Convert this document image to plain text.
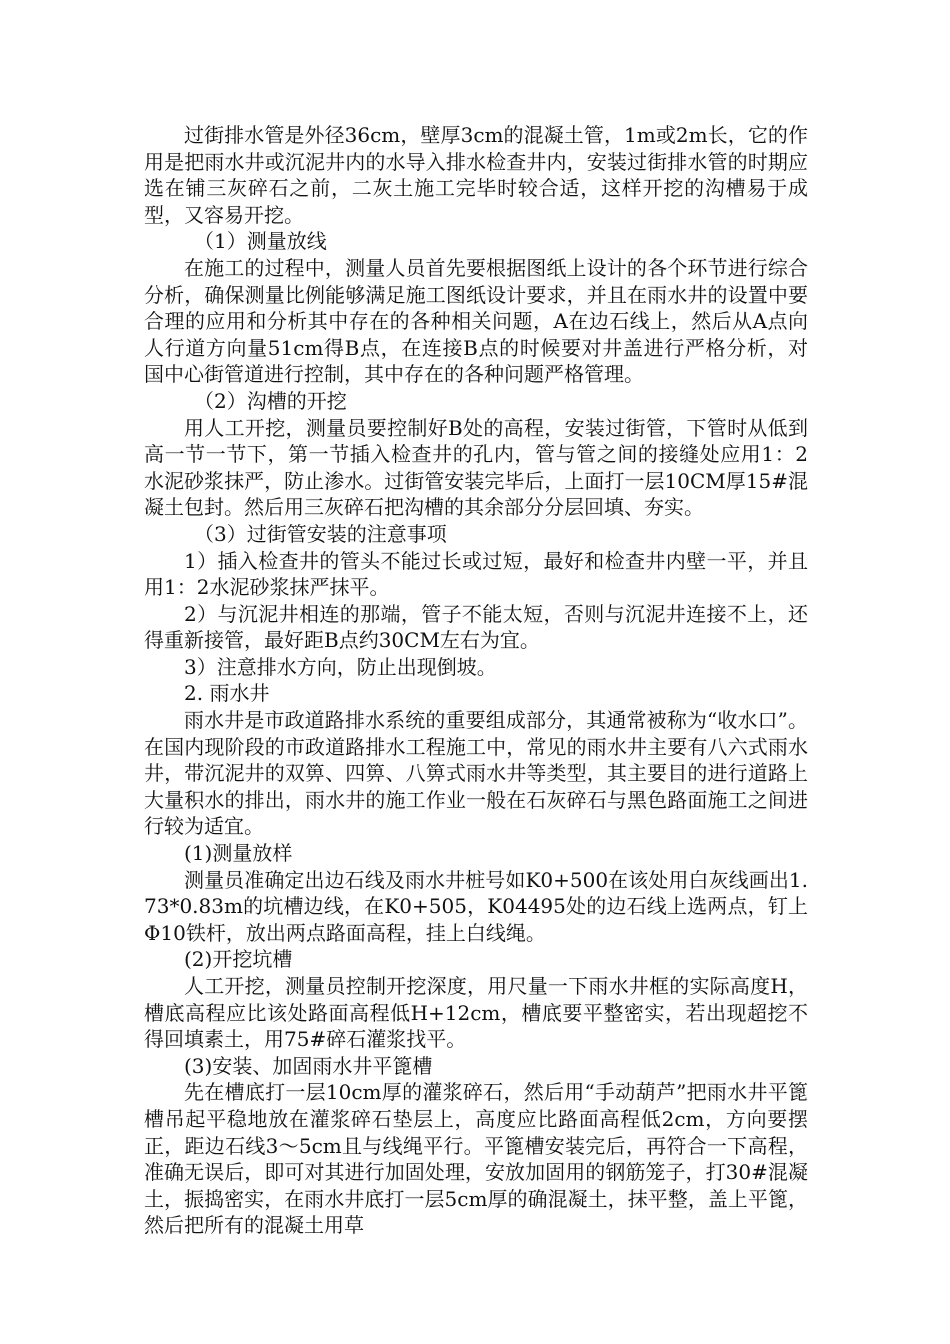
过街排水管是外径36cm，壁厚3cm的混凝土管，1m或2m长，它的作用是把雨水井或沉泥井内的水导入排水检查井内，安装过街排水管的时期应选在铺三灰碎石之前，二灰土施工完毕时较合适，这样开挖的沟槽易于成型，又容易开挖。

（1）测量放线

在施工的过程中，测量人员首先要根据图纸上设计的各个环节进行综合分析，确保测量比例能够满足施工图纸设计要求，并且在雨水井的设置中要合理的应用和分析其中存在的各种相关问题，A在边石线上，然后从A点向人行道方向量51cm得B点，在连接B点的时候要对井盖进行严格分析，对国中心街管道进行控制，其中存在的各种问题严格管理。

（2）沟槽的开挖

用人工开挖，测量员要控制好B处的高程，安装过街管，下管时从低到高一节一节下，第一节插入检查井的孔内，管与管之间的接缝处应用1：2水泥砂浆抹严，防止渗水。过街管安装完毕后，上面打一层10CM厚15#混凝土包封。然后用三灰碎石把沟槽的其余部分分层回填、夯实。

（3）过街管安装的注意事项

1）插入检查井的管头不能过长或过短，最好和检查井内壁一平，并且用1：2水泥砂浆抹严抹平。

2）与沉泥井相连的那端，管子不能太短，否则与沉泥井连接不上，还得重新接管，最好距B点约30CM左右为宜。

3）注意排水方向，防止出现倒坡。

2. 雨水井

雨水井是市政道路排水系统的重要组成部分，其通常被称为“收水口”。在国内现阶段的市政道路排水工程施工中，常见的雨水井主要有八六式雨水井，带沉泥井的双箅、四箅、八箅式雨水井等类型，其主要目的进行道路上大量积水的排出，雨水井的施工作业一般在石灰碎石与黑色路面施工之间进行较为适宜。

(1)测量放样

测量员准确定出边石线及雨水井桩号如K0+500在该处用白灰线画出1.73*0.83m的坑槽边线，在K0+505，K04495处的边石线上选两点，钉上Φ10铁杆，放出两点路面高程，挂上白线绳。

(2)开挖坑槽

人工开挖，测量员控制开挖深度，用尺量一下雨水井框的实际高度H，槽底高程应比该处路面高程低H+12cm，槽底要平整密实，若出现超挖不得回填素土，用75#碎石灌浆找平。

(3)安装、加固雨水井平篦槽

先在槽底打一层10cm厚的灌浆碎石，然后用“手动葫芦”把雨水井平篦槽吊起平稳地放在灌浆碎石垫层上，高度应比路面高程低2cm，方向要摆正，距边石线3～5cm且与线绳平行。平篦槽安装完后，再符合一下高程，准确无误后，即可对其进行加固处理，安放加固用的钢筋笼子，打30#混凝土，振捣密实，在雨水井底打一层5cm厚的确混凝土，抹平整，盖上平篦，然后把所有的混凝土用草
